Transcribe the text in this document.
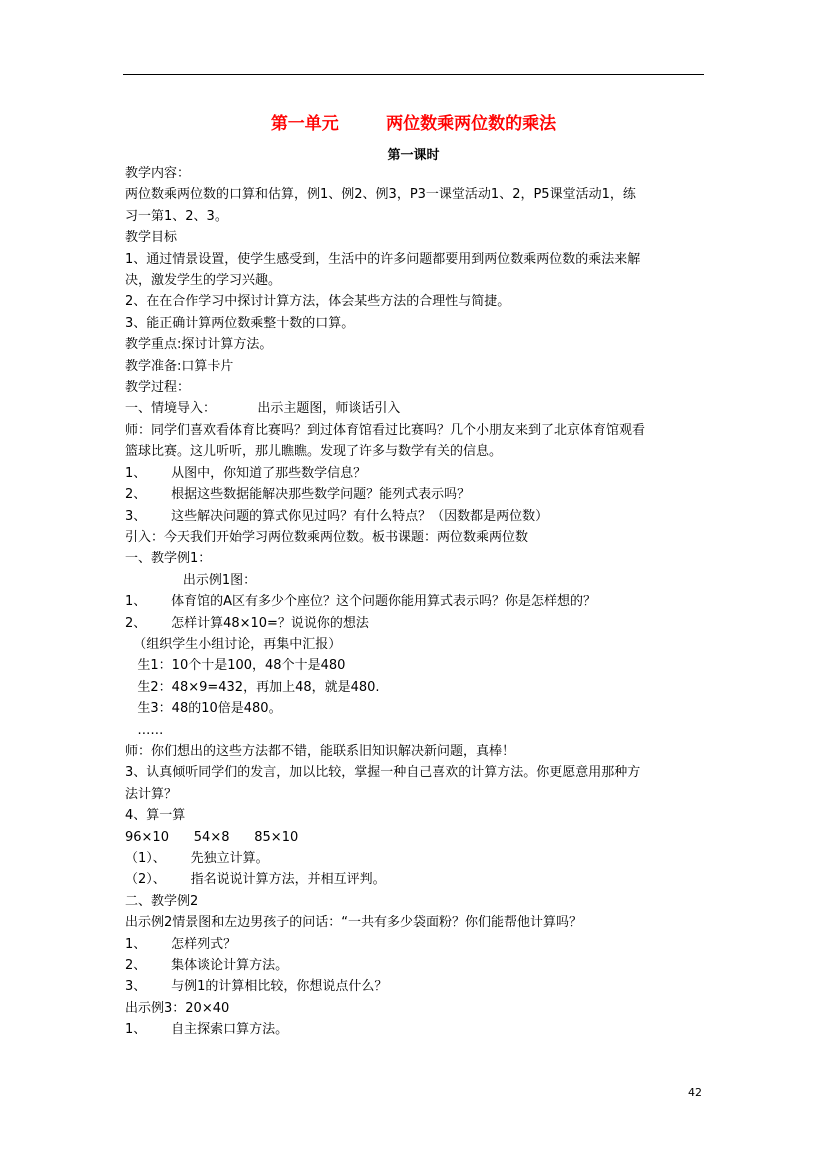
第一单元        两位数乘两位数的乘法
第一课时
教学内容：
两位数乘两位数的口算和估算，例1、例2、例3，P3一课堂活动1、2，P5课堂活动1，练
习一第1、2、3。
教学目标
1、通过情景设置，使学生感受到，生活中的许多问题都要用到两位数乘两位数的乘法来解
决，激发学生的学习兴趣。
2、在在合作学习中探讨计算方法，体会某些方法的合理性与简捷。
3、能正确计算两位数乘整十数的口算。
教学重点:探讨计算方法。
教学准备:口算卡片
教学过程：
一、情境导入：          出示主题图，师谈话引入
师：同学们喜欢看体育比赛吗？到过体育馆看过比赛吗？几个小朋友来到了北京体育馆观看
篮球比赛。这儿听听，那儿瞧瞧。发现了许多与数学有关的信息。
1、      从图中，你知道了那些数学信息？
2、      根据这些数据能解决那些数学问题？能列式表示吗？
3、      这些解决问题的算式你见过吗？有什么特点？（因数都是两位数）
引入：今天我们开始学习两位数乘两位数。板书课题：两位数乘两位数
一、教学例1：
出示例1图：
1、      体育馆的A区有多少个座位？这个问题你能用算式表示吗？你是怎样想的？
2、      怎样计算48×10=？说说你的想法
（组织学生小组讨论，再集中汇报）
生1：10个十是100，48个十是480
生2：48×9=432，再加上48，就是480.
生3：48的10倍是480。
……
师：你们想出的这些方法都不错，能联系旧知识解决新问题，真棒！
3、认真倾听同学们的发言，加以比较，掌握一种自己喜欢的计算方法。你更愿意用那种方
法计算？
4、算一算
96×10      54×8      85×10
（1）、      先独立计算。
（2）、      指名说说计算方法，并相互评判。
二、教学例2
出示例2情景图和左边男孩子的问话：“一共有多少袋面粉？你们能帮他计算吗？
1、      怎样列式？
2、      集体谈论计算方法。
3、      与例1的计算相比较，你想说点什么？
出示例3：20×40
1、      自主探索口算方法。
42
